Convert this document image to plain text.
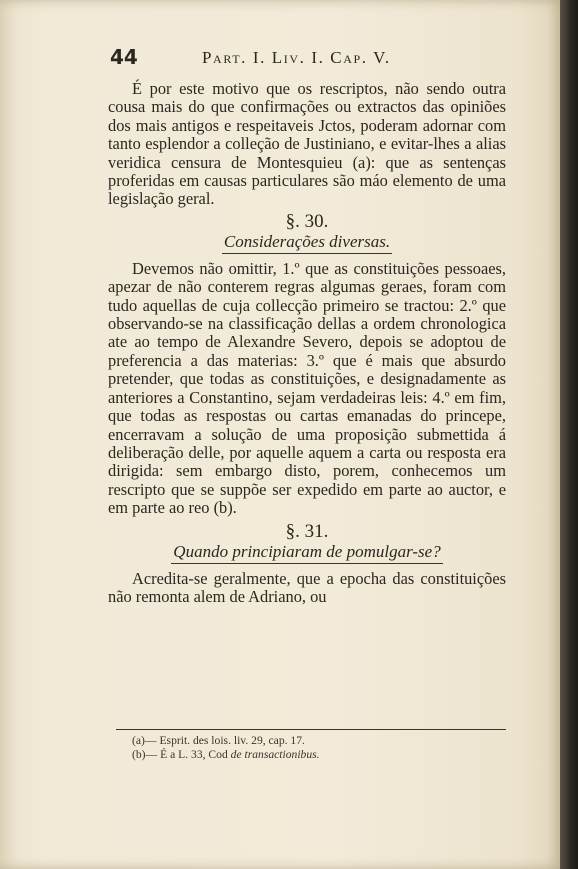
44	Part. I. Liv. I. Cap. V.

É por este motivo que os rescriptos, não sendo outra cousa mais do que confirmações ou extractos das opiniões dos mais antigos e respeitaveis Jctos, poderam adornar com tanto esplendor a colleção de Justiniano, e evitar-lhes a alias veridica censura de Montesquieu (a): que as sentenças proferidas em causas particulares são máo elemento de uma legislação geral.

§. 30.
Considerações diversas.

Devemos não omittir, 1.º que as constituições pessoaes, apezar de não conterem regras algumas geraes, foram com tudo aquellas de cuja collecção primeiro se tractou: 2.º que observando-se na classificação dellas a ordem chronologica ate ao tempo de Alexandre Severo, depois se adoptou de preferencia a das materias: 3.º que é mais que absurdo pretender, que todas as constituições, e designadamente as anteriores a Constantino, sejam verdadeiras leis: 4.º em fim, que todas as respostas ou cartas emanadas do princepe, encerravam a solução de uma proposição submettida á deliberação delle, por aquelle aquem a carta ou resposta era dirigida: sem embargo disto, porem, conhecemos um rescripto que se suppõe ser expedido em parte ao auctor, e em parte ao reo (b).

§. 31.
Quando principiaram de pomulgar-se?

Acredita-se geralmente, que a epocha das constituições não remonta alem de Adriano, ou

(a)— Esprit. des lois. liv. 29, cap. 17.
(b)— É a L. 33, Cod de transactionibus.
